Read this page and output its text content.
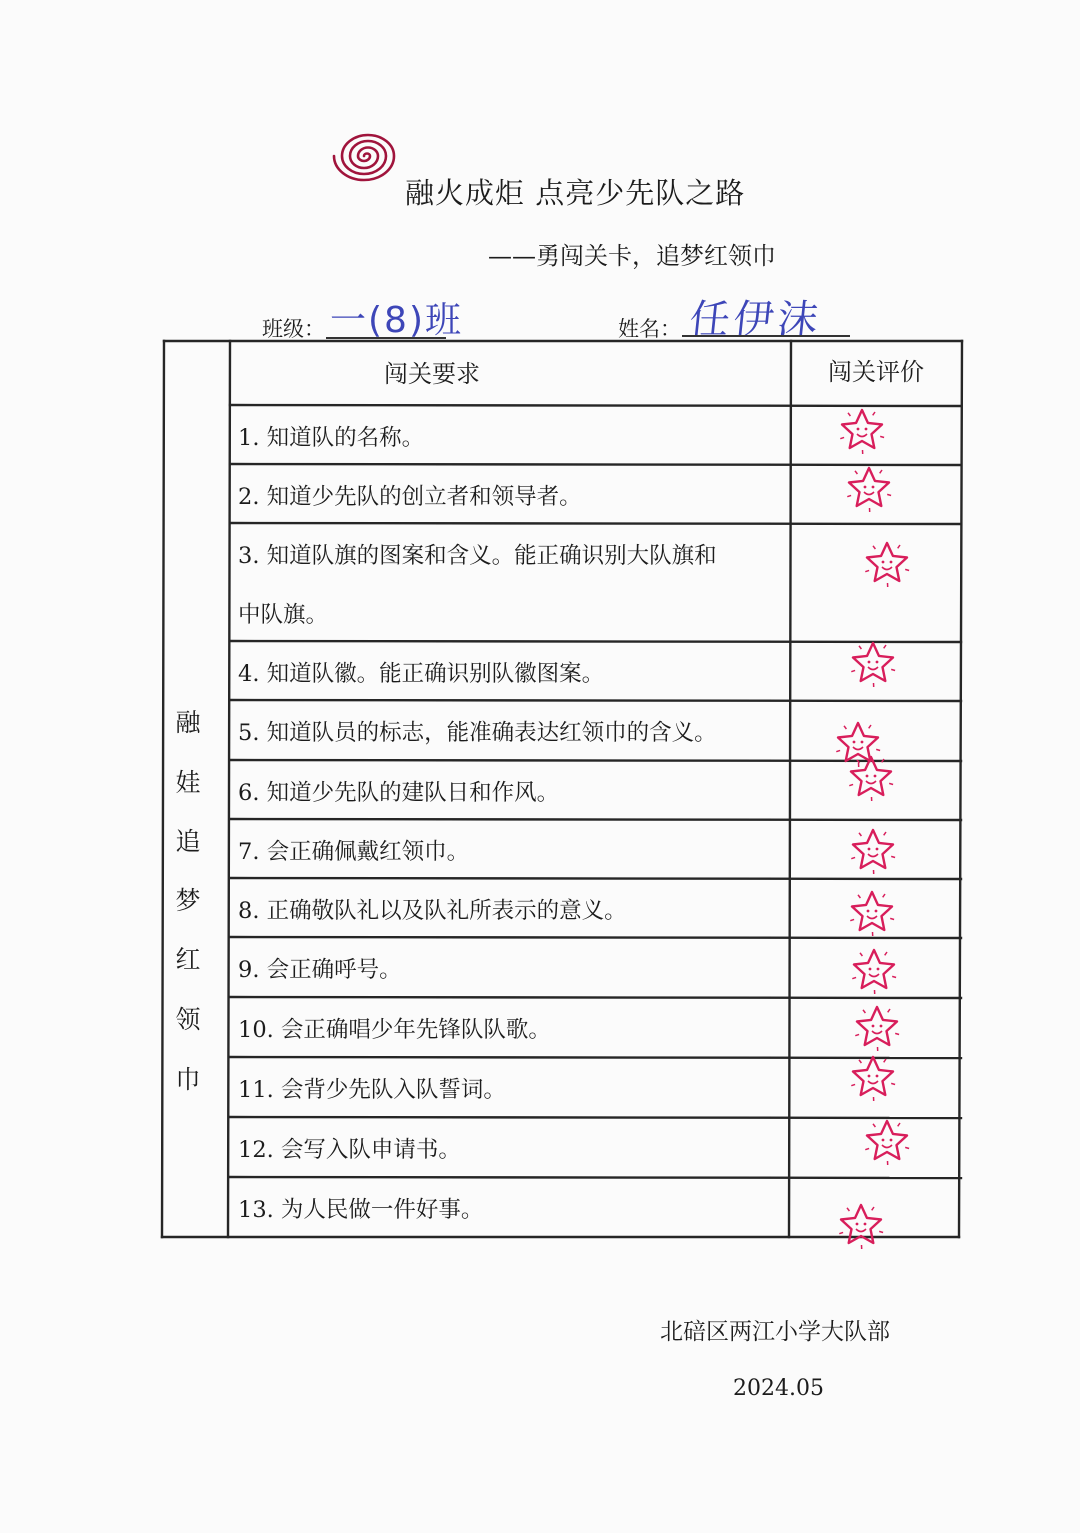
融火成炬 点亮少先队之路
——勇闯关卡，追梦红领巾
班级： 一(8)班	姓名： 任伊沫
融
娃
追
梦
红
领
巾
闯关要求	闯关评价
1. 知道队的名称。
2. 知道少先队的创立者和领导者。
3. 知道队旗的图案和含义。能正确识别大队旗和
中队旗。
4. 知道队徽。能正确识别队徽图案。
5. 知道队员的标志，能准确表达红领巾的含义。
6. 知道少先队的建队日和作风。
7. 会正确佩戴红领巾。
8. 正确敬队礼以及队礼所表示的意义。
9. 会正确呼号。
10. 会正确唱少年先锋队队歌。
11. 会背少先队入队誓词。
12. 会写入队申请书。
13. 为人民做一件好事。
北碚区两江小学大队部
2024.05
